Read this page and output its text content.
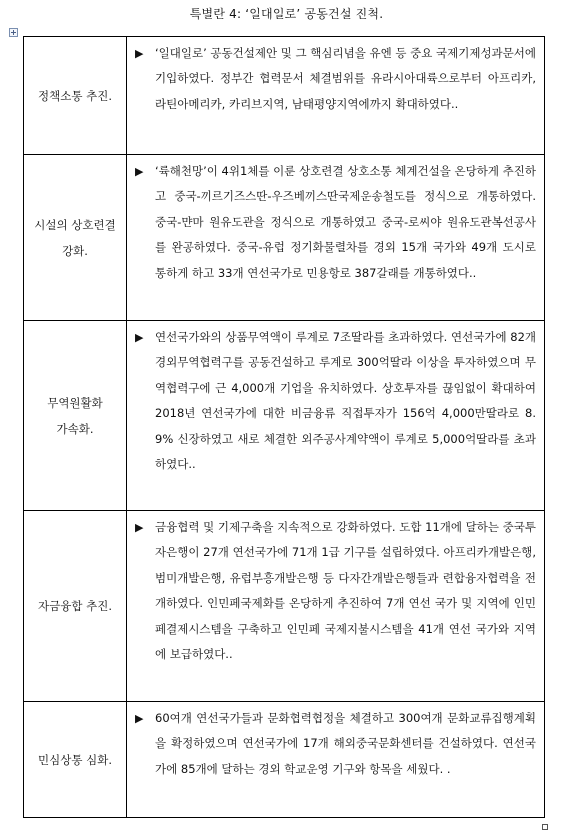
특별란 4: ‘일대일로’ 공동건설 진척.
정책소통 추진.	▶ ‘일대일로’ 공동건설제안 및 그 핵심리념을 유엔 등 중요 국제기제성과문서에 기입하였다. 정부간 협력문서 체결범위를 유라시아대륙으로부터 아프리카, 라틴아메리카, 카리브지역, 남태평양지역에까지 확대하였다..

시설의 상호련결 강화.	▶ ‘륙해천망’이 4위1체를 이룬 상호련결 상호소통 체계건설을 온당하게 추진하고 중국-끼르기즈스딴-우즈베끼스딴국제운송철도를 정식으로 개통하였다. 중국-먄마 원유도관을 정식으로 개통하였고 중국-로씨야 원유도관복선공사를 완공하였다. 중국-유럽 정기화물렬차를 경외 15개 국가와 49개 도시로 통하게 하고 33개 연선국가로 민용항로 387갈래를 개통하였다..

무역원활화 가속화.	▶ 연선국가와의 상품무역액이 루계로 7조딸라를 초과하였다. 연선국가에 82개 경외무역협력구를 공동건설하고 루계로 300억딸라 이상을 투자하였으며 무역협력구에 근 4,000개 기업을 유치하였다. 상호투자를 끊임없이 확대하여 2018년 연선국가에 대한 비금융류 직접투자가 156억 4,000만딸라로 8.9% 신장하였고 새로 체결한 외주공사계약액이 루계로 5,000억딸라를 초과하였다..

자금융합 추진.	▶ 금융협력 및 기제구축을 지속적으로 강화하였다. 도합 11개에 달하는 중국투자은행이 27개 연선국가에 71개 1급 기구를 설립하였다. 아프리카개발은행, 범미개발은행, 유럽부흥개발은행 등 다자간개발은행들과 련합융자협력을 전개하였다. 인민페국제화를 온당하게 추진하여 7개 연선 국가 및 지역에 인민페결제시스템을 구축하고 인민페 국제지불시스템을 41개 연선 국가와 지역에 보급하였다..

민심상통 심화.	▶ 60여개 연선국가들과 문화협력협정을 체결하고 300여개 문화교류집행계획을 확정하였으며 연선국가에 17개 해외중국문화센터를 건설하였다. 연선국가에 85개에 달하는 경외 학교운영 기구와 항목을 세웠다. .
